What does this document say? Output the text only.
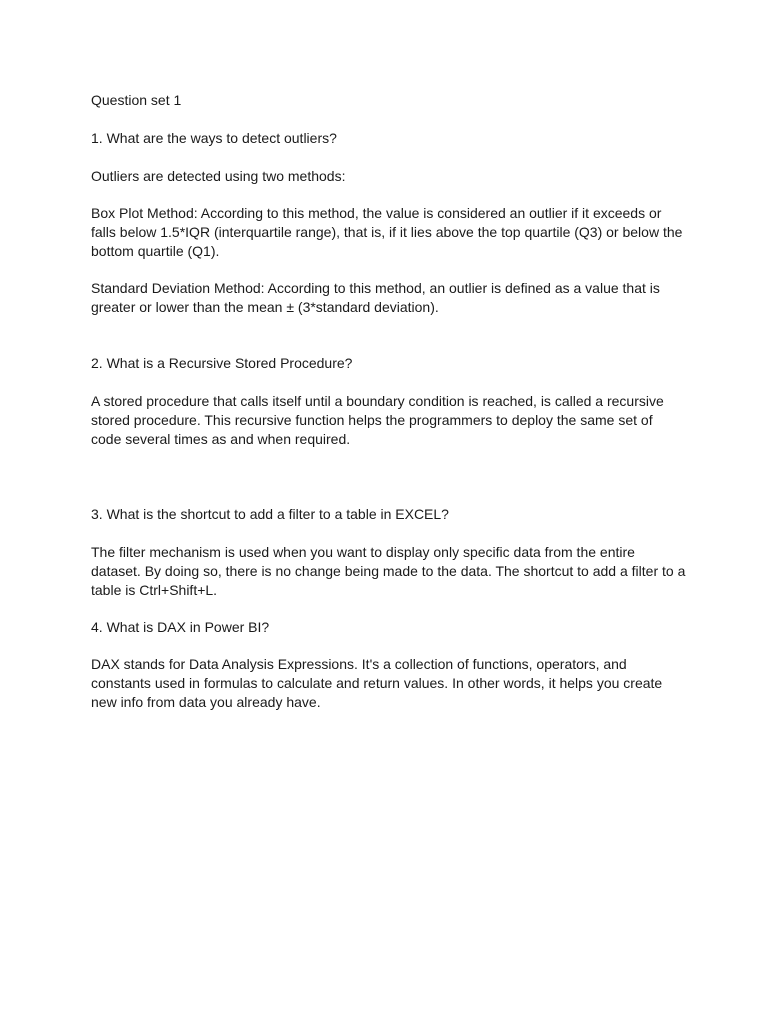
Question set 1

1. What are the ways to detect outliers?

Outliers are detected using two methods:

Box Plot Method: According to this method, the value is considered an outlier if it exceeds or
falls below 1.5*IQR (interquartile range), that is, if it lies above the top quartile (Q3) or below the
bottom quartile (Q1).

Standard Deviation Method: According to this method, an outlier is defined as a value that is
greater or lower than the mean ± (3*standard deviation).

2. What is a Recursive Stored Procedure?

A stored procedure that calls itself until a boundary condition is reached, is called a recursive
stored procedure. This recursive function helps the programmers to deploy the same set of
code several times as and when required.

3. What is the shortcut to add a filter to a table in EXCEL?

The filter mechanism is used when you want to display only specific data from the entire
dataset. By doing so, there is no change being made to the data. The shortcut to add a filter to a
table is Ctrl+Shift+L.

4. What is DAX in Power BI?

DAX stands for Data Analysis Expressions. It's a collection of functions, operators, and
constants used in formulas to calculate and return values. In other words, it helps you create
new info from data you already have.
